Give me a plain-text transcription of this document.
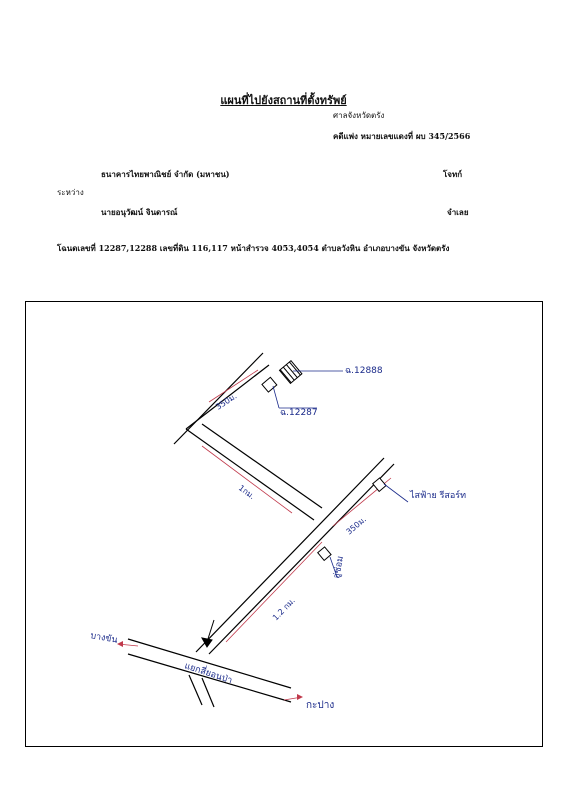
แผนที่ไปยังสถานที่ตั้งทรัพย์
ศาลจังหวัดตรัง
คดีแพ่ง หมายเลขแดงที่ ผบ 345/2566
ธนาคารไทยพาณิชย์ จำกัด (มหาชน)	โจทก์
ระหว่าง
นายอนุวัฒน์ จินดารณ์	จำเลย
โฉนดเลขที่ 12287,12288 เลขที่ดิน 116,117 หน้าสำรวจ 4053,4054 ตำบลวังหิน อำเภอบางขัน จังหวัดตรัง
ฉ.12888
ฉ.12287
350ม.
1กม.
350ม.
1.2 กม.
ไสฟ้าย รีสอร์ท
อู่ซ่อม
แยกสี่ยอนป่า
บางขัน
กะปาง
